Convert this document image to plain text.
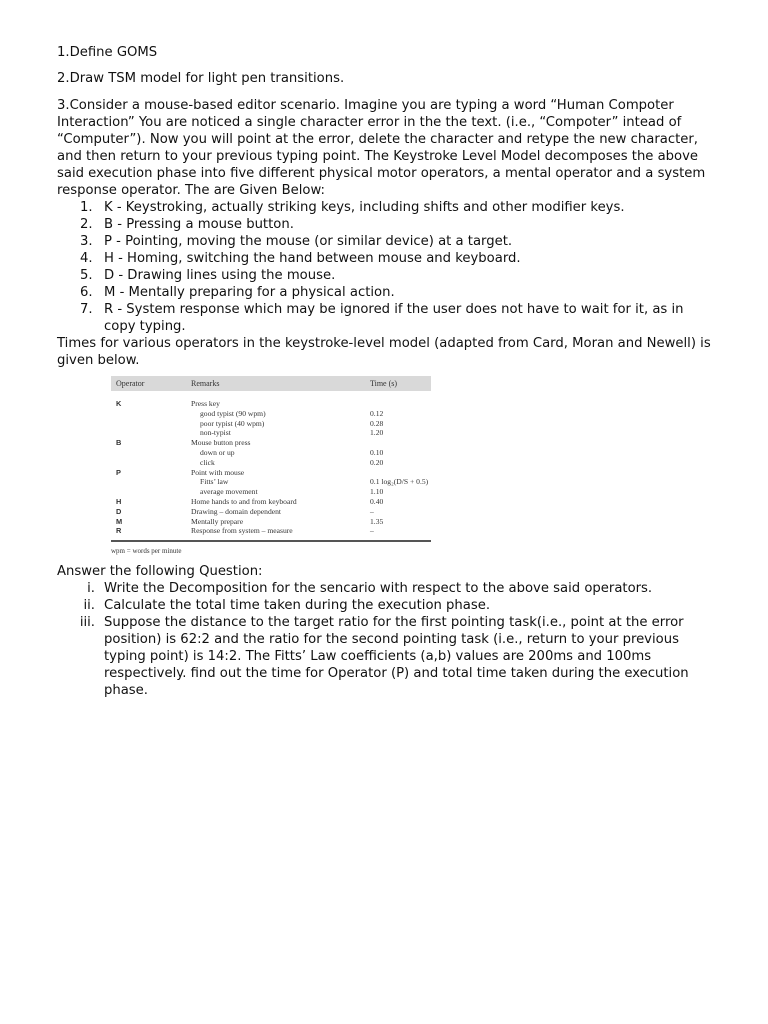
1.Define GOMS

2.Draw TSM model for light pen transitions.

3.Consider a mouse-based editor scenario. Imagine you are typing a word “Human Compoter Interaction” You are noticed a single character error in the the text. (i.e., “Compoter” intead of “Computer”). Now you will point at the error, delete the character and retype the new character, and then return to your previous typing point. The Keystroke Level Model decomposes the above said execution phase into five different physical motor operators, a mental operator and a system response operator. The are Given Below:

1. K - Keystroking, actually striking keys, including shifts and other modifier keys.
2. B - Pressing a mouse button.
3. P - Pointing, moving the mouse (or similar device) at a target.
4. H - Homing, switching the hand between mouse and keyboard.
5. D - Drawing lines using the mouse.
6. M - Mentally preparing for a physical action.
7. R - System response which may be ignored if the user does not have to wait for it, as in copy typing.

Times for various operators in the keystroke-level model (adapted from Card, Moran and Newell) is given below.

Operator	Remarks	Time (s)
K	Press key	
	good typist (90 wpm)	0.12
	poor typist (40 wpm)	0.28
	non-typist	1.20
B	Mouse button press	
	down or up	0.10
	click	0.20
P	Point with mouse	
	Fitts’ law	0.1 log₂(D/S + 0.5)
	average movement	1.10
H	Home hands to and from keyboard	0.40
D	Drawing – domain dependent	–
M	Mentally prepare	1.35
R	Response from system – measure	–
wpm = words per minute

Answer the following Question:

i. Write the Decomposition for the sencario with respect to the above said operators.
ii. Calculate the total time taken during the execution phase.
iii. Suppose the distance to the target ratio for the first pointing task(i.e., point at the error position) is 62:2 and the ratio for the second pointing task (i.e., return to your previous typing point) is 14:2. The Fitts’ Law coefficients (a,b) values are 200ms and 100ms respectively. find out the time for Operator (P) and total time taken during the execution phase.
